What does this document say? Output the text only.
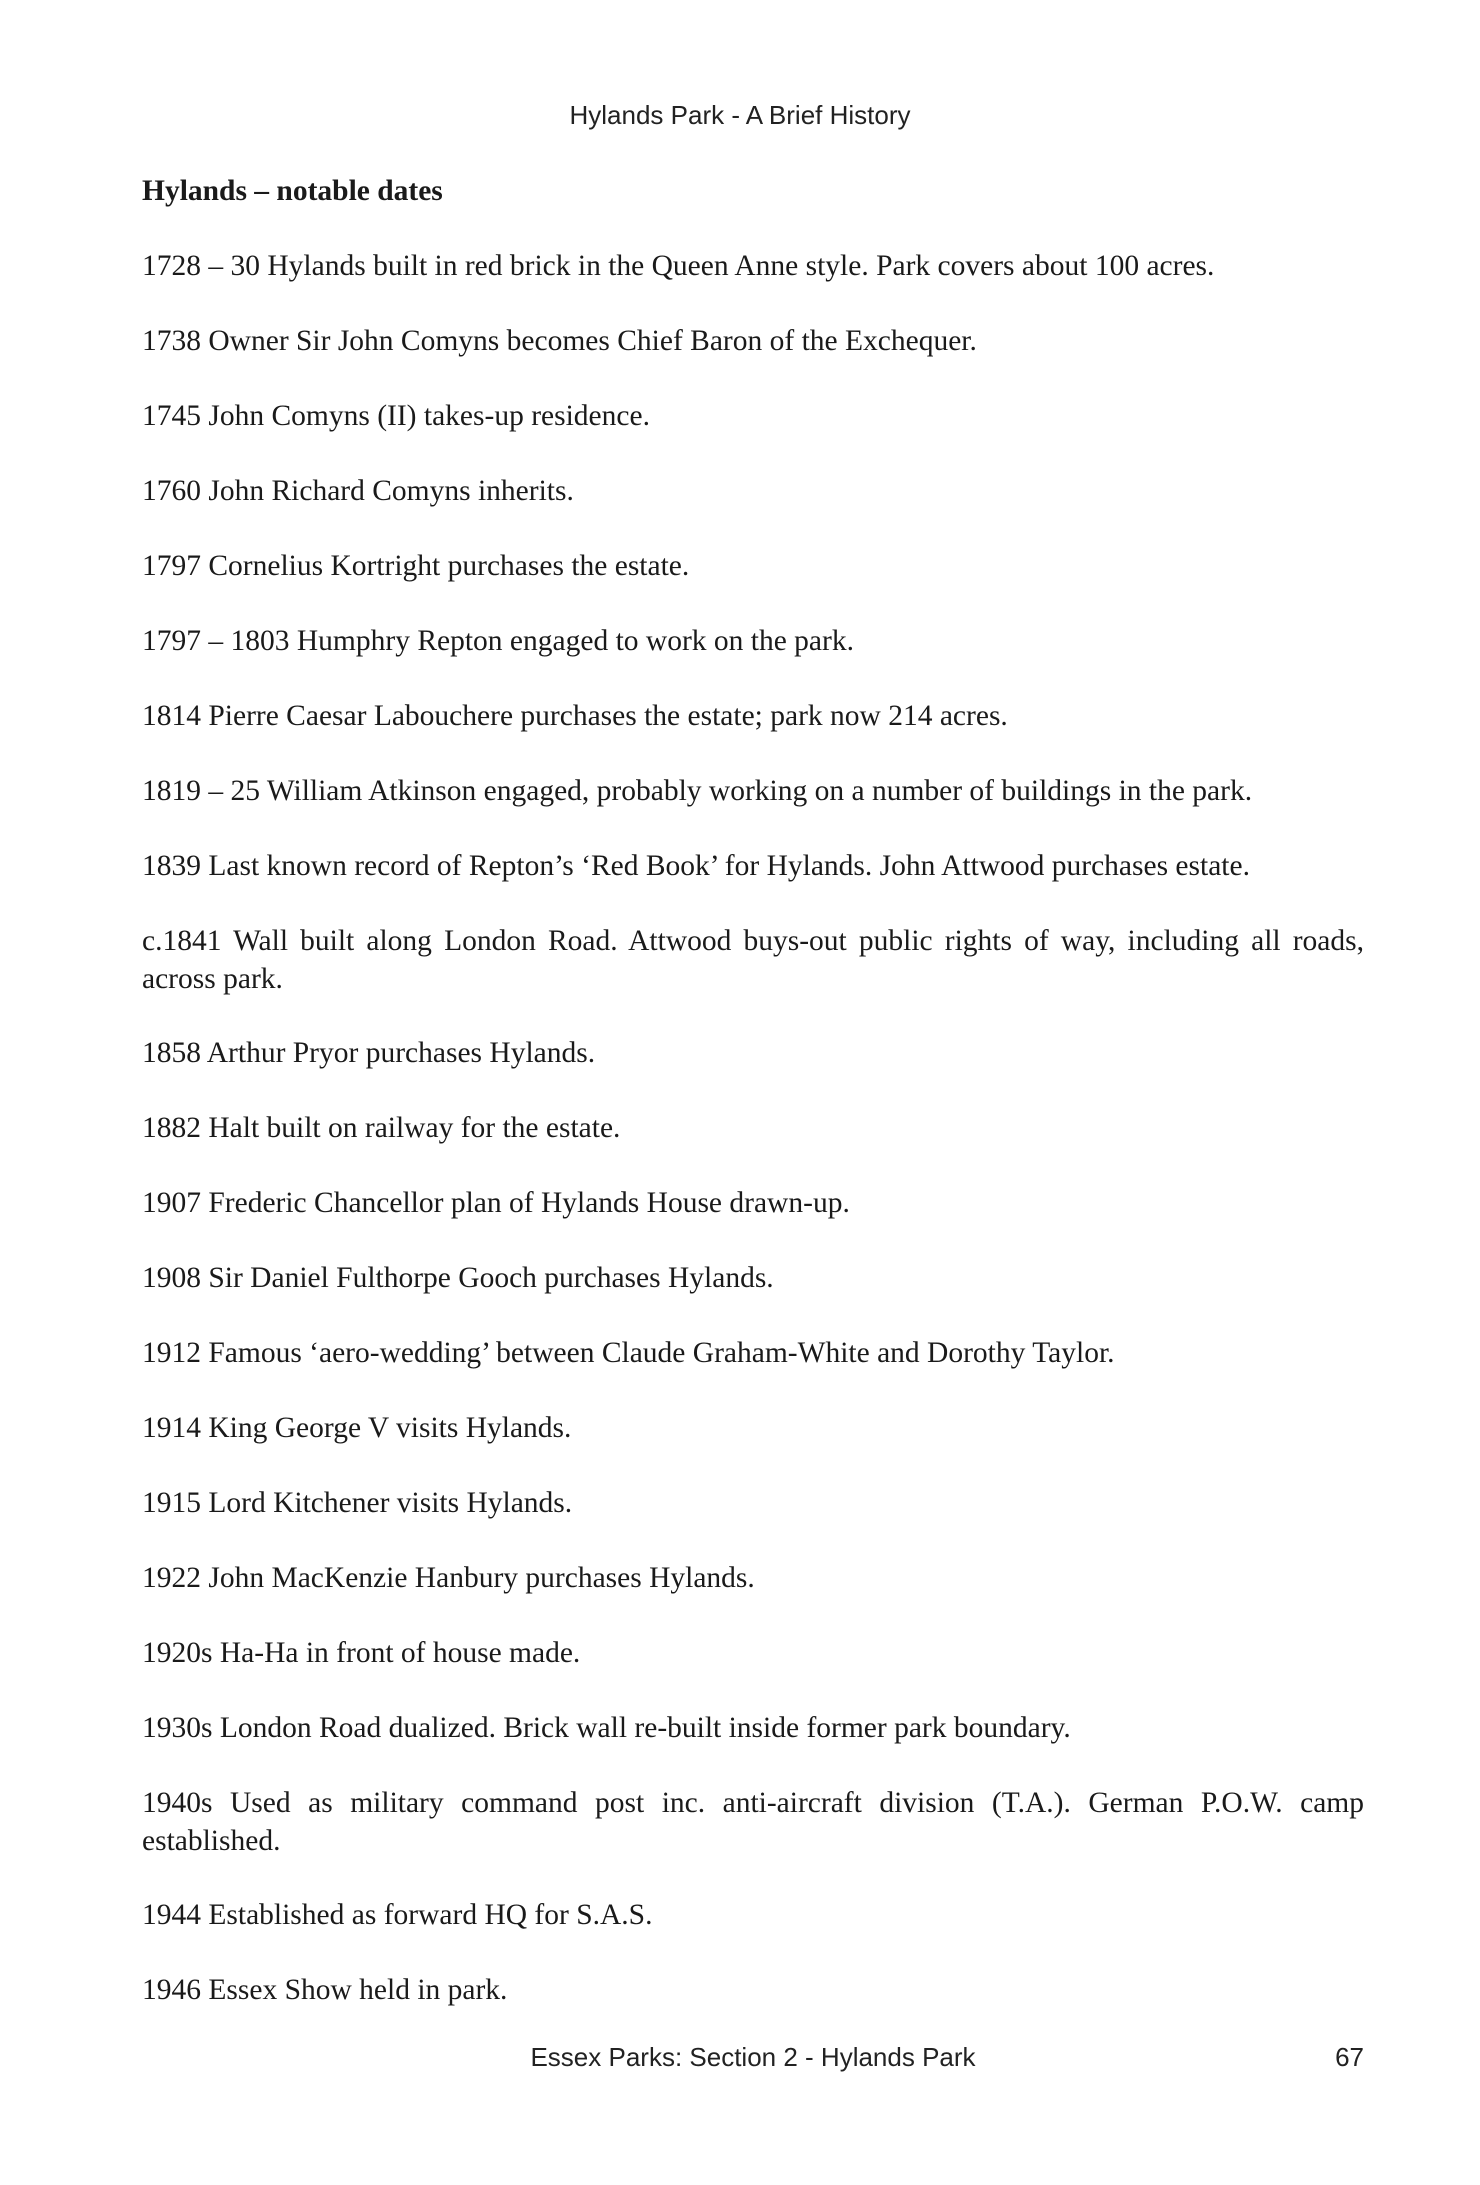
Hylands Park - A Brief History
Hylands – notable dates
1728 – 30 Hylands built in red brick in the Queen Anne style. Park covers about 100 acres.
1738 Owner Sir John Comyns becomes Chief Baron of the Exchequer.
1745 John Comyns (II) takes-up residence.
1760 John Richard Comyns inherits.
1797 Cornelius Kortright purchases the estate.
1797 – 1803 Humphry Repton engaged to work on the park.
1814 Pierre Caesar Labouchere purchases the estate; park now 214 acres.
1819 – 25 William Atkinson engaged, probably working on a number of buildings in the park.
1839 Last known record of Repton’s ‘Red Book’ for Hylands. John Attwood purchases estate.
c.1841 Wall built along London Road. Attwood buys-out public rights of way, including all roads, across park.
1858 Arthur Pryor purchases Hylands.
1882 Halt built on railway for the estate.
1907 Frederic Chancellor plan of Hylands House drawn-up.
1908 Sir Daniel Fulthorpe Gooch purchases Hylands.
1912 Famous ‘aero-wedding’ between Claude Graham-White and Dorothy Taylor.
1914 King George V visits Hylands.
1915 Lord Kitchener visits Hylands.
1922 John MacKenzie Hanbury purchases Hylands.
1920s Ha-Ha in front of house made.
1930s London Road dualized. Brick wall re-built inside former park boundary.
1940s Used as military command post inc. anti-aircraft division (T.A.). German P.O.W. camp established.
1944 Established as forward HQ for S.A.S.
1946 Essex Show held in park.
Essex Parks: Section 2 - Hylands Park	67
